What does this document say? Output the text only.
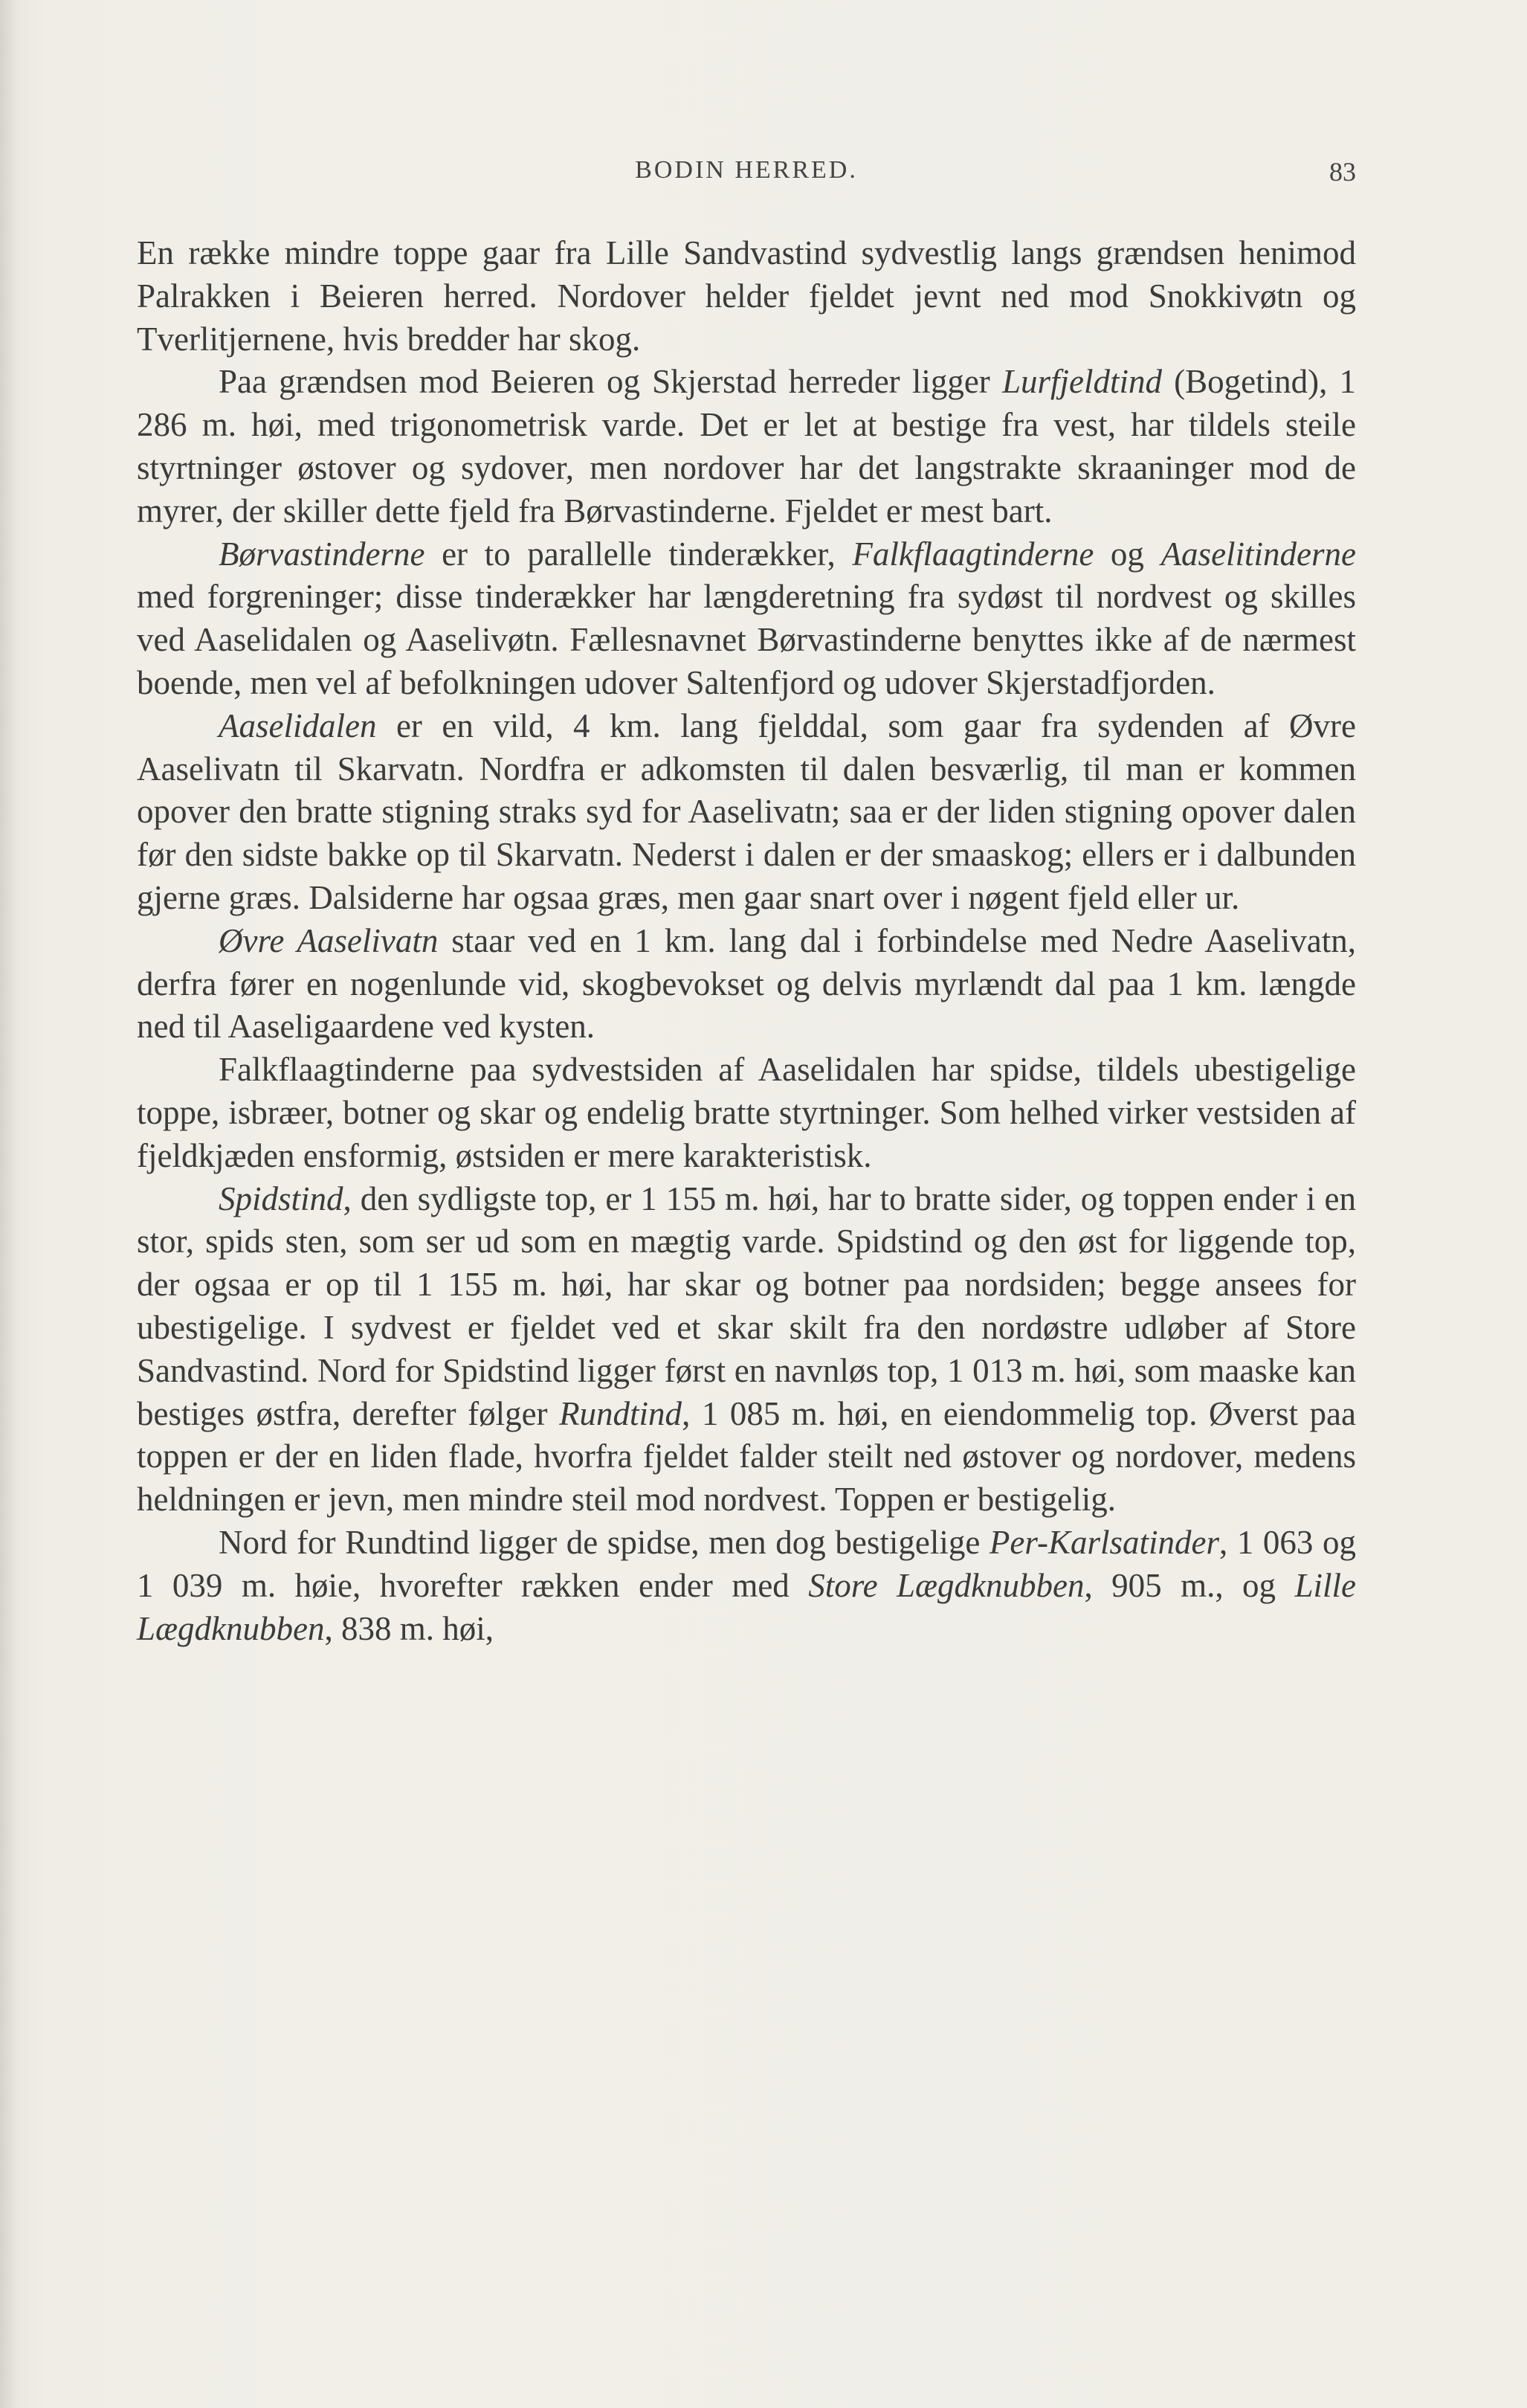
BODIN HERRED.	83

En række mindre toppe gaar fra Lille Sandvastind sydvestlig langs grændsen henimod Palrakken i Beieren herred. Nordover helder fjeldet jevnt ned mod Snokkivøtn og Tverlitjernene, hvis bredder har skog.

Paa grændsen mod Beieren og Skjerstad herreder ligger Lurfjeldtind (Bogetind), 1 286 m. høi, med trigonometrisk varde. Det er let at bestige fra vest, har tildels steile styrtninger østover og sydover, men nordover har det langstrakte skraaninger mod de myrer, der skiller dette fjeld fra Børvastinderne. Fjeldet er mest bart.

Børvastinderne er to parallelle tinderækker, Falkflaagtinderne og Aaselitinderne med forgreninger; disse tinderækker har længderetning fra sydøst til nordvest og skilles ved Aaselidalen og Aaselivøtn. Fællesnavnet Børvastinderne benyttes ikke af de nærmest boende, men vel af befolkningen udover Saltenfjord og udover Skjerstadfjorden.

Aaselidalen er en vild, 4 km. lang fjelddal, som gaar fra sydenden af Øvre Aaselivatn til Skarvatn. Nordfra er adkomsten til dalen besværlig, til man er kommen opover den bratte stigning straks syd for Aaselivatn; saa er der liden stigning opover dalen før den sidste bakke op til Skarvatn. Nederst i dalen er der smaaskog; ellers er i dalbunden gjerne græs. Dalsiderne har ogsaa græs, men gaar snart over i nøgent fjeld eller ur.

Øvre Aaselivatn staar ved en 1 km. lang dal i forbindelse med Nedre Aaselivatn, derfra fører en nogenlunde vid, skogbevokset og delvis myrlændt dal paa 1 km. længde ned til Aaseligaardene ved kysten.

Falkflaagtinderne paa sydvestsiden af Aaselidalen har spidse, tildels ubestigelige toppe, isbræer, botner og skar og endelig bratte styrtninger. Som helhed virker vestsiden af fjeldkjæden ensformig, østsiden er mere karakteristisk.

Spidstind, den sydligste top, er 1 155 m. høi, har to bratte sider, og toppen ender i en stor, spids sten, som ser ud som en mægtig varde. Spidstind og den øst for liggende top, der ogsaa er op til 1 155 m. høi, har skar og botner paa nordsiden; begge ansees for ubestigelige. I sydvest er fjeldet ved et skar skilt fra den nordøstre udløber af Store Sandvastind. Nord for Spidstind ligger først en navnløs top, 1 013 m. høi, som maaske kan bestiges østfra, derefter følger Rundtind, 1 085 m. høi, en eiendommelig top. Øverst paa toppen er der en liden flade, hvorfra fjeldet falder steilt ned østover og nordover, medens heldningen er jevn, men mindre steil mod nordvest. Toppen er bestigelig.

Nord for Rundtind ligger de spidse, men dog bestigelige Per-Karlsatinder, 1 063 og 1 039 m. høie, hvorefter rækken ender med Store Lægdknubben, 905 m., og Lille Lægdknubben, 838 m. høi,
